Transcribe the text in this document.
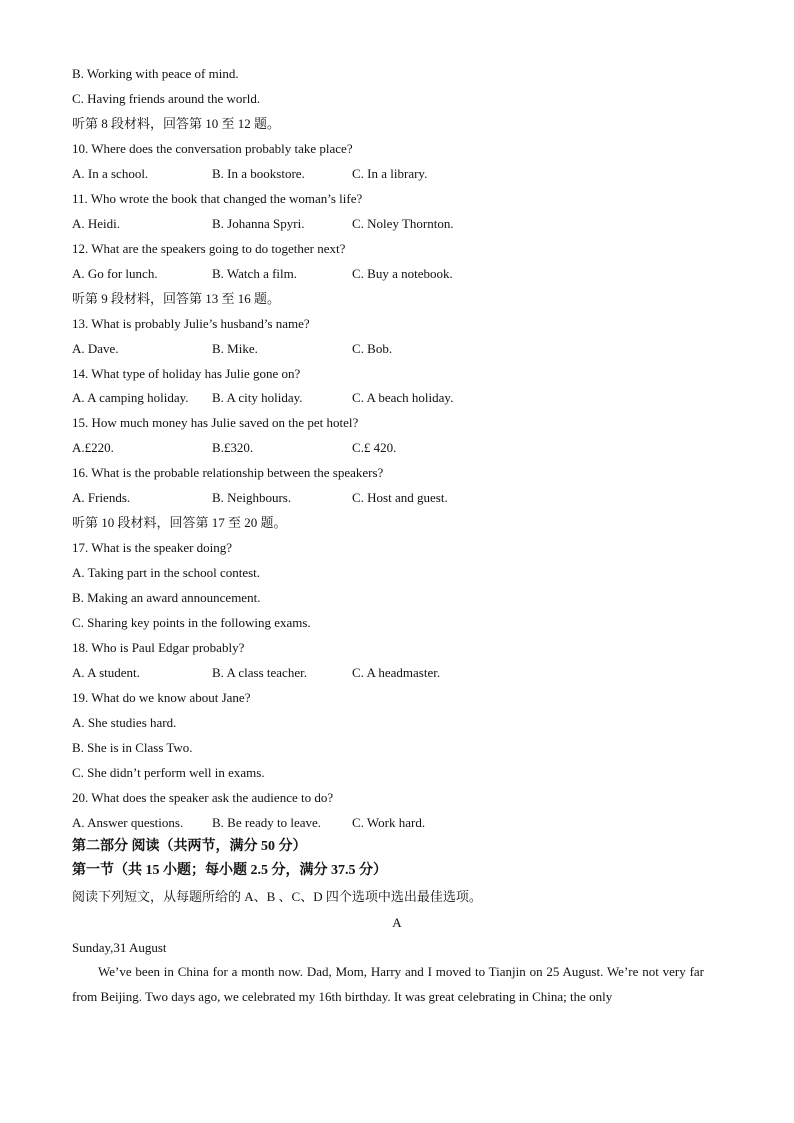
B. Working with peace of mind.
C. Having friends around the world.
听第 8 段材料，回答第 10 至 12 题。
10. Where does the conversation probably take place?
A. In a school.	B. In a bookstore.	C. In a library.
11. Who wrote the book that changed the woman’s life?
A. Heidi.	B. Johanna Spyri.	C. Noley Thornton.
12. What are the speakers going to do together next?
A. Go for lunch.	B. Watch a film.	C. Buy a notebook.
听第 9 段材料，回答第 13 至 16 题。
13. What is probably Julie’s husband’s name?
A. Dave.	B. Mike.	C. Bob.
14. What type of holiday has Julie gone on?
A. A camping holiday. B. A city holiday.	C. A beach holiday.
15. How much money has Julie saved on the pet hotel?
A.£220.	B.£320.	C.£ 420.
16. What is the probable relationship between the speakers?
A. Friends.	B. Neighbours.	C. Host and guest.
听第 10 段材料，回答第 17 至 20 题。
17. What is the speaker doing?
A. Taking part in the school contest.
B. Making an award announcement.
C. Sharing key points in the following exams.
18. Who is Paul Edgar probably?
A. A student.	B. A class teacher.	C. A headmaster.
19. What do we know about Jane?
A. She studies hard.
B. She is in Class Two.
C. She didn’t perform well in exams.
20. What does the speaker ask the audience to do?
A. Answer questions. B. Be ready to leave. C. Work hard.
第二部分 阅读（共两节，满分 50 分）
第一节（共 15 小题；每小题 2.5 分，满分 37.5 分）
阅读下列短文，从每题所给的 A、B 、C、D 四个选项中选出最佳选项。
A
Sunday,31 August
We’ve been in China for a month now. Dad, Mom, Harry and I moved to Tianjin on 25 August. We’re not very far from Beijing. Two days ago, we celebrated my 16th birthday. It was great celebrating in China; the only
